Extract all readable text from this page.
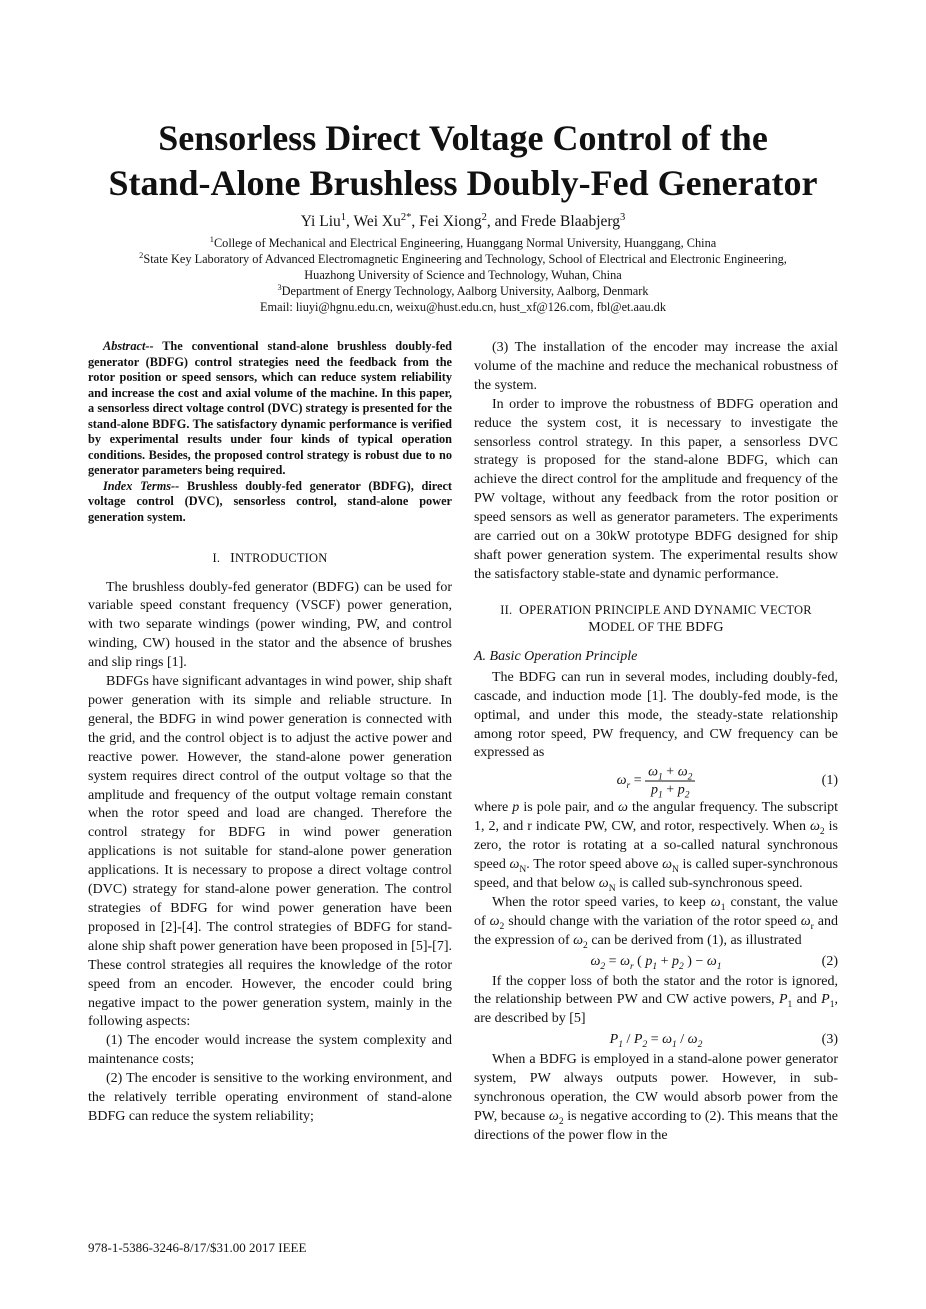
Sensorless Direct Voltage Control of the
Stand-Alone Brushless Doubly-Fed Generator
Yi Liu$^1$, Wei $Xu^{2*}$, Fei Xiong$^2$, and Frede Blaabjerg$^3$
$^1$College of Mechanical and Electrical Engineering, Huanggang Normal University, Huanggang, China
$^2$State Key Laboratory of Advanced Electromagnetic Engineering and Technology, School of Electrical and Electronic Engineering,
Huazhong University of Science and Technology, Wuhan, China
$^3$Department of Energy Technology, Aalborg University, Aalborg, Denmark
Email: liuyi@hgnu.edu.cn, weixu@hust.edu.cn, hust_xf@126.com, fbl@et.aau.dk

Abstract-- The conventional stand-alone brushless doubly-fed generator (BDFG) control strategies need the feedback from the rotor position or speed sensors, which can reduce system reliability and increase the cost and axial volume of the machine. In this paper, a sensorless direct voltage control (DVC) strategy is presented for the stand-alone BDFG. The satisfactory dynamic performance is verified by experimental results under four kinds of typical operation conditions. Besides, the proposed control strategy is robust due to no generator parameters being required.

Index Terms-- Brushless doubly-fed generator (BDFG), direct voltage control (DVC), sensorless control, stand-alone power generation system.

I. INTRODUCTION

The brushless doubly-fed generator (BDFG) can be used for variable speed constant frequency (VSCF) power generation, with two separate windings (power winding, PW, and control winding, CW) housed in the stator and the absence of brushes and slip rings [1].

BDFGs have significant advantages in wind power, ship shaft power generation with its simple and reliable structure. In general, the BDFG in wind power generation is connected with the grid, and the control object is to adjust the active power and reactive power. However, the stand-alone power generation system requires direct control of the output voltage so that the amplitude and frequency of the output voltage remain constant when the rotor speed and load are changed. Therefore the control strategy for BDFG in wind power generation applications is not suitable for stand-alone power generation applications. It is necessary to propose a direct voltage control (DVC) strategy for stand-alone power generation. The control strategies of BDFG for wind power generation have been proposed in [2]-[4]. The control strategies of BDFG for stand-alone ship shaft power generation have been proposed in [5]-[7]. These control strategies all requires the knowledge of the rotor speed from an encoder. However, the encoder could bring negative impact to the power generation system, mainly in the following aspects:

(1) The encoder would increase the system complexity and maintenance costs;

(2) The encoder is sensitive to the working environment, and the relatively terrible operating environment of stand-alone BDFG can reduce the system reliability;

(3) The installation of the encoder may increase the axial volume of the machine and reduce the mechanical robustness of the system.

In order to improve the robustness of BDFG operation and reduce the system cost, it is necessary to investigate the sensorless control strategy. In this paper, a sensorless DVC strategy is proposed for the stand-alone BDFG, which can achieve the direct control for the amplitude and frequency of the PW voltage, without any feedback from the rotor position or speed sensors as well as generator parameters. The experiments are carried out on a 30kW prototype BDFG designed for ship shaft power generation system. The experimental results show the satisfactory stable-state and dynamic performance.

II. OPERATION PRINCIPLE AND DYNAMIC VECTOR
MODEL OF THE BDFG
A. Basic Operation Principle

The BDFG can run in several modes, including doubly-fed, cascade, and induction mode [1]. The doubly-fed mode, is the optimal, and under this mode, the steady-state relationship among rotor speed, PW frequency, and CW frequency can be expressed as

$\omega_r = \frac{\omega_1 + \omega_2}{p_1 + p_2}$	(1)

where p is pole pair, and ω the angular frequency. The subscript 1, 2, and r indicate PW, CW, and rotor, respectively. When $\omega_2$ is zero, the rotor is rotating at a so-called natural synchronous speed $\omega_N$. The rotor speed above $\omega_N$ is called super-synchronous speed, and that below $\omega_N$ is called sub-synchronous speed.

When the rotor speed varies, to keep $\omega_1$ constant, the value of $\omega_2$ should change with the variation of the rotor speed $\omega_r$ and the expression of $\omega_2$ can be derived from (1), as illustrated

$\omega_2 = \omega_r$ ( $p_1 + p_2$ ) − $\omega_1$	(2)

If the copper loss of both the stator and the rotor is ignored, the relationship between PW and CW active powers, $P_1$ and $P_1$, are described by [5]

$P_1 / P_2 = \omega_1 / \omega_2$	(3)

When a BDFG is employed in a stand-alone power generator system, PW always outputs power. However, in sub-synchronous operation, the CW would absorb power from the PW, because $\omega_2$ is negative according to (2). This means that the directions of the power flow in the

978-1-5386-3246-8/17/$31.00 2017 IEEE
